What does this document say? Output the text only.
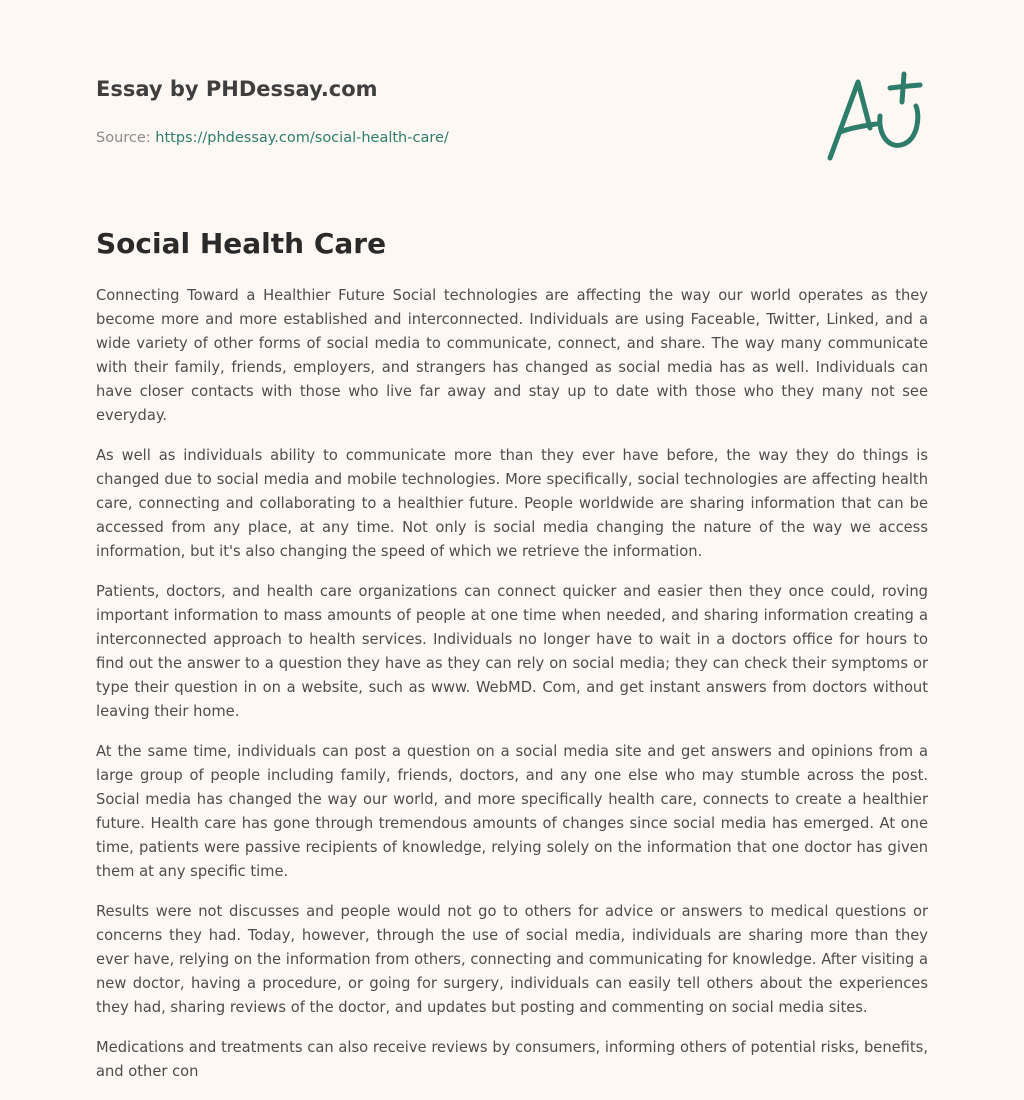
Essay by PHDessay.com
Source: https://phdessay.com/social-health-care/
Social Health Care

Connecting Toward a Healthier Future Social technologies are affecting the way our world operates as they become more and more established and interconnected. Individuals are using Faceable, Twitter, Linked, and a wide variety of other forms of social media to communicate, connect, and share. The way many communicate with their family, friends, employers, and strangers has changed as social media has as well. Individuals can have closer contacts with those who live far away and stay up to date with those who they many not see everyday.

As well as individuals ability to communicate more than they ever have before, the way they do things is changed due to social media and mobile technologies. More specifically, social technologies are affecting health care, connecting and collaborating to a healthier future. People worldwide are sharing information that can be accessed from any place, at any time. Not only is social media changing the nature of the way we access information, but it's also changing the speed of which we retrieve the information.

Patients, doctors, and health care organizations can connect quicker and easier then they once could, roving important information to mass amounts of people at one time when needed, and sharing information creating a interconnected approach to health services. Individuals no longer have to wait in a doctors office for hours to find out the answer to a question they have as they can rely on social media; they can check their symptoms or type their question in on a website, such as www. WebMD. Com, and get instant answers from doctors without leaving their home.

At the same time, individuals can post a question on a social media site and get answers and opinions from a large group of people including family, friends, doctors, and any one else who may stumble across the post. Social media has changed the way our world, and more specifically health care, connects to create a healthier future. Health care has gone through tremendous amounts of changes since social media has emerged. At one time, patients were passive recipients of knowledge, relying solely on the information that one doctor has given them at any specific time.

Results were not discusses and people would not go to others for advice or answers to medical questions or concerns they had. Today, however, through the use of social media, individuals are sharing more than they ever have, relying on the information from others, connecting and communicating for knowledge. After visiting a new doctor, having a procedure, or going for surgery, individuals can easily tell others about the experiences they had, sharing reviews of the doctor, and updates but posting and commenting on social media sites.

Medications and treatments can also receive reviews by consumers, informing others of potential risks, benefits, and other con
